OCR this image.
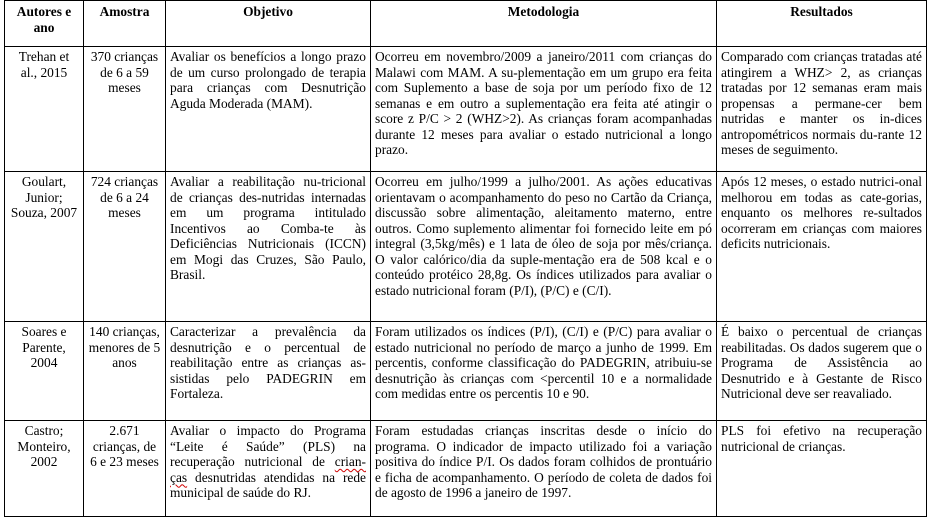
Autores e ano	Amostra	Objetivo	Metodologia	Resultados
Trehan et al., 2015	370 crianças de 6 a 59 meses	Avaliar os benefícios a longo prazo de um curso prolongado de terapia para crianças com Desnutrição Aguda Moderada (MAM).	Ocorreu em novembro/2009 a janeiro/2011 com crianças do Malawi com MAM. A su-plementação em um grupo era feita com Suplemento a base de soja por um período fixo de 12 semanas e em outro a suplementação era feita até atingir o score z P/C > 2 (WHZ>2). As crianças foram acompanhadas durante 12 meses para avaliar o estado nutricional a longo prazo.	Comparado com crianças tratadas até atingirem a WHZ> 2, as crianças tratadas por 12 semanas eram mais propensas a permane-cer bem nutridas e manter os in-dices antropométricos normais du-rante 12 meses de seguimento.
Goulart, Junior; Souza, 2007	724 crianças de 6 a 24 meses	Avaliar a reabilitação nu-tricional de crianças des-nutridas internadas em um programa intitulado Incentivos ao Comba-te às Deficiências Nutricionais (ICCN) em Mogi das Cruzes, São Paulo, Brasil.	Ocorreu em julho/1999 a julho/2001. As ações educativas orientavam o acompanhamento do peso no Cartão da Criança, discussão sobre alimentação, aleitamento materno, entre outros. Como suplemento alimentar foi fornecido leite em pó integral (3,5kg/mês) e 1 lata de óleo de soja por mês/criança. O valor calórico/dia da suple-mentação era de 508 kcal e o conteúdo protéico 28,8g. Os índices utilizados para avaliar o estado nutricional foram (P/I), (P/C) e (C/I).	Após 12 meses, o estado nutrici-onal melhorou em todas as cate-gorias, enquanto os melhores re-sultados ocorreram em crianças com maiores deficits nutricionais.
Soares e Parente, 2004	140 crianças, menores de 5 anos	Caracterizar a prevalência da desnutrição e o percentual de reabilitação entre as crianças as-sistidas pelo PADEGRIN em Fortaleza.	Foram utilizados os índices (P/I), (C/I) e (P/C) para avaliar o estado nutricional no período de março a junho de 1999. Em percentis, conforme classificação do PADEGRIN, atribuiu-se desnutrição às crianças com <percentil 10 e a normalidade com medidas entre os percentis 10 e 90.	É baixo o percentual de crianças reabilitadas. Os dados sugerem que o Programa de Assistência ao Desnutrido e à Gestante de Risco Nutricional deve ser reavaliado.
Castro; Monteiro, 2002	2.671 crianças, de 6 e 23 meses	Avaliar o impacto do Programa “Leite é Saúde” (PLS) na recuperação nutricional de crian- ças desnutridas atendidas na rede municipal de saúde do RJ.	Foram estudadas crianças inscritas desde o início do programa. O indicador de impacto utilizado foi a variação positiva do índice P/I. Os dados foram colhidos de prontuário e ficha de acompanhamento. O período de coleta de dados foi de agosto de 1996 a janeiro de 1997.	PLS foi efetivo na recuperação nutricional de crianças.
